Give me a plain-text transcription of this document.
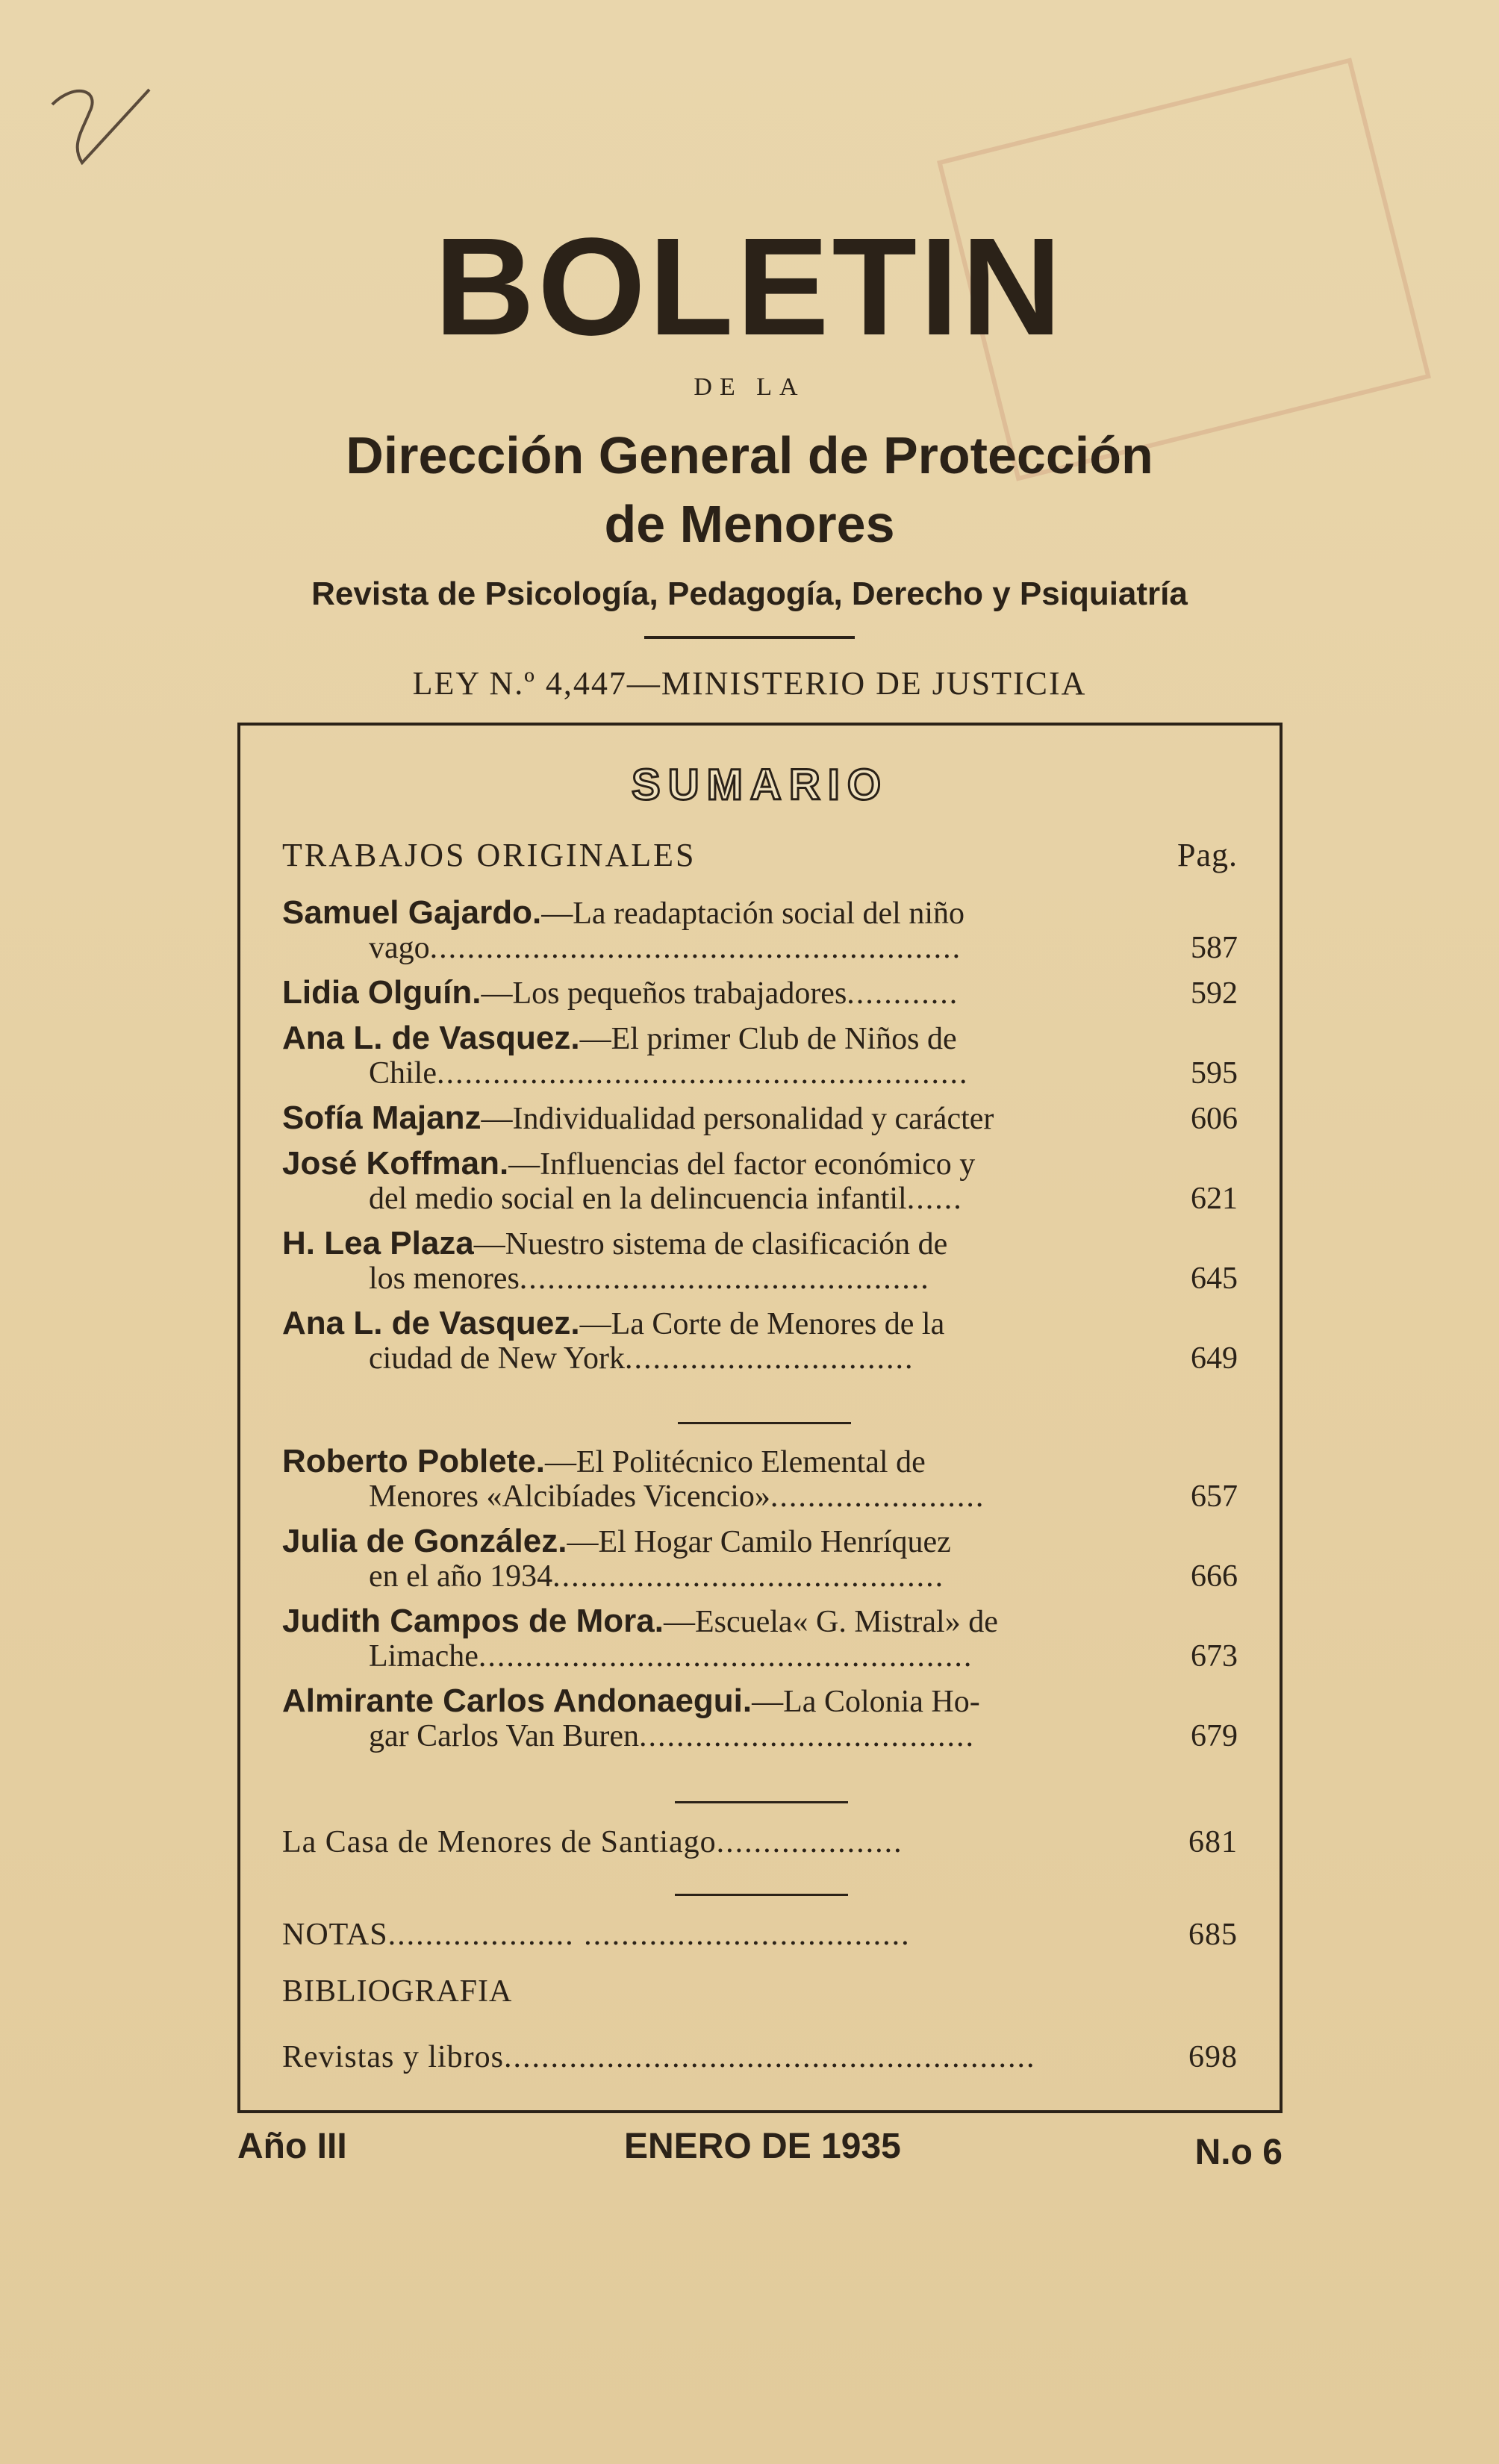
BOLETIN
DE LA
Dirección General de Protección
de Menores
Revista de Psicología, Pedagogía, Derecho y Psiquiatría
LEY N.º 4,447—MINISTERIO DE JUSTICIA
SUMARIO
TRABAJOS ORIGINALES	Pag.
Samuel Gajardo.—La readaptación social del niño
vago.........................................................	587
Lidia Olguín.—Los pequeños trabajadores............	592
Ana L. de Vasquez.—El primer Club de Niños de
Chile.........................................................	595
Sofía Majanz—Individualidad personalidad y carácter	606
José Koffman.—Influencias del factor económico y
del medio social en la delincuencia infantil......	621
H. Lea Plaza—Nuestro sistema de clasificación de
los menores............................................	645
Ana L. de Vasquez.—La Corte de Menores de la
ciudad de New York...............................	649
Roberto Poblete.—El Politécnico Elemental de
Menores «Alcibíades Vicencio».......................	657
Julia de González.—El Hogar Camilo Henríquez
en el año 1934..........................................	666
Judith Campos de Mora.—Escuela« G. Mistral» de
Limache.....................................................	673
Almirante Carlos Andonaegui.—La Colonia Ho-
gar Carlos Van Buren....................................	679
La Casa de Menores de Santiago....................	681
NOTAS.................... ...................................	685
BIBLIOGRAFIA
Revistas y libros.........................................................	698
Año III	ENERO DE 1935	N.o 6
